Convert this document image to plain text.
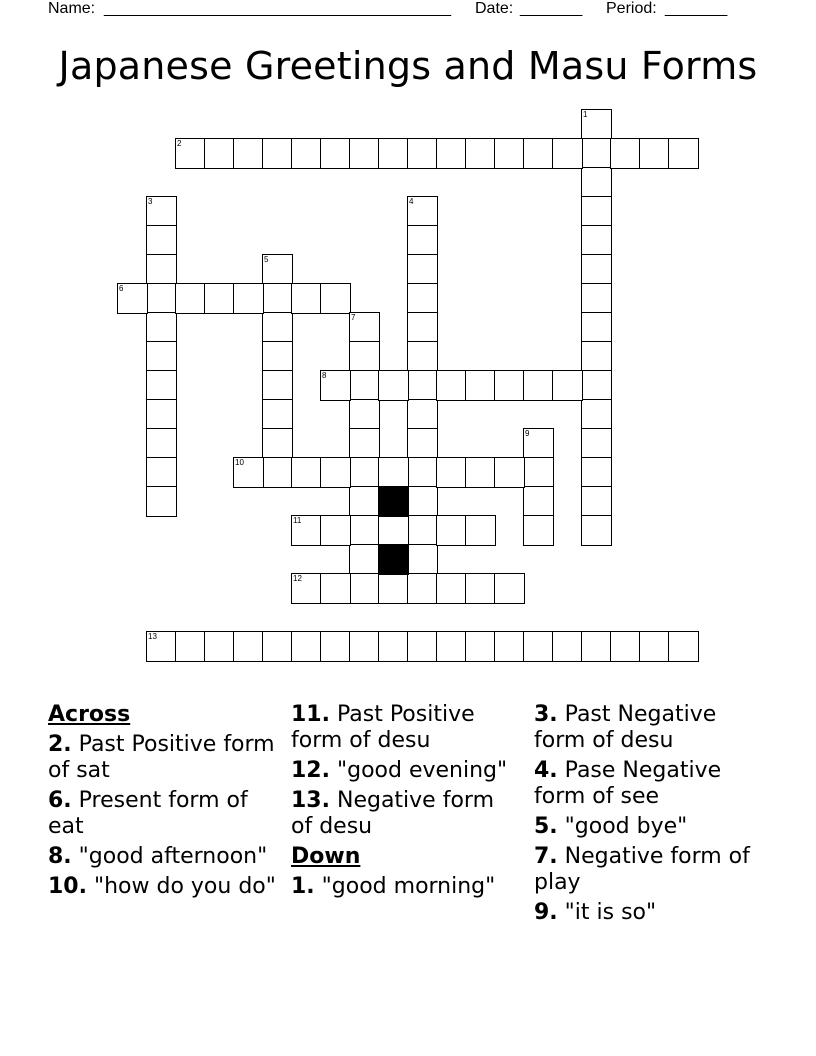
Name: _______________________________________ Date: _______ Period: _______
Japanese Greetings and Masu Forms
1
2
3	4
5
6
7
8
9
10
11
12
13
Across
2. Past Positive form of sat
6. Present form of eat
8. "good afternoon"
10. "how do you do"
11. Past Positive form of desu
12. "good evening"
13. Negative form of desu
Down
1. "good morning"
3. Past Negative form of desu
4. Pase Negative form of see
5. "good bye"
7. Negative form of play
9. "it is so"
